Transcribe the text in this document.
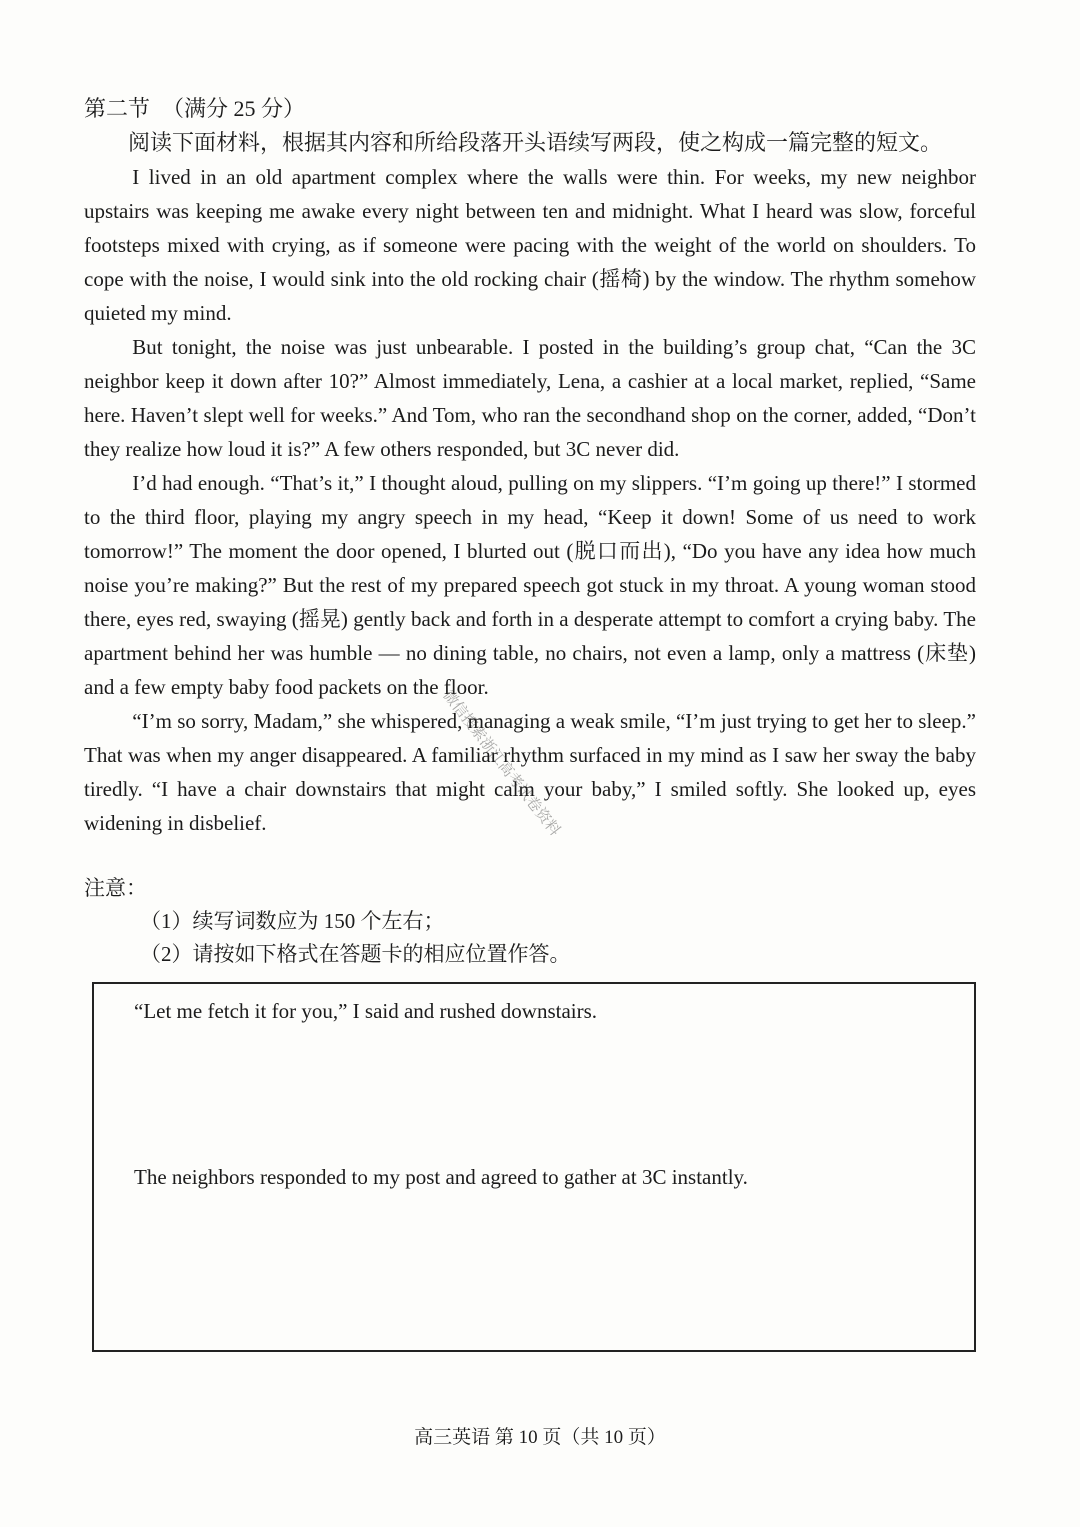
第二节 （满分 25 分）

阅读下面材料，根据其内容和所给段落开头语续写两段，使之构成一篇完整的短文。

I lived in an old apartment complex where the walls were thin. For weeks, my new neighbor upstairs was keeping me awake every night between ten and midnight. What I heard was slow, forceful footsteps mixed with crying, as if someone were pacing with the weight of the world on shoulders. To cope with the noise, I would sink into the old rocking chair (摇椅) by the window. The rhythm somehow quieted my mind.

But tonight, the noise was just unbearable. I posted in the building’s group chat, “Can the 3C neighbor keep it down after 10?” Almost immediately, Lena, a cashier at a local market, replied, “Same here. Haven’t slept well for weeks.” And Tom, who ran the secondhand shop on the corner, added, “Don’t they realize how loud it is?” A few others responded, but 3C never did.

I’d had enough. “That’s it,” I thought aloud, pulling on my slippers. “I’m going up there!” I stormed to the third floor, playing my angry speech in my head, “Keep it down! Some of us need to work tomorrow!” The moment the door opened, I blurted out (脱口而出), “Do you have any idea how much noise you’re making?” But the rest of my prepared speech got stuck in my throat. A young woman stood there, eyes red, swaying (摇晃) gently back and forth in a desperate attempt to comfort a crying baby. The apartment behind her was humble — no dining table, no chairs, not even a lamp, only a mattress (床垫) and a few empty baby food packets on the floor.

“I’m so sorry, Madam,” she whispered, managing a weak smile, “I’m just trying to get her to sleep.” That was when my anger disappeared. A familiar rhythm surfaced in my mind as I saw her sway the baby tiredly. “I have a chair downstairs that might calm your baby,” I smiled softly. She looked up, eyes widening in disbelief.

注意：
（1）续写词数应为 150 个左右；
（2）请按如下格式在答题卡的相应位置作答。
“Let me fetch it for you,” I said and rushed downstairs.
The neighbors responded to my post and agreed to gather at 3C instantly.
高三英语 第 10 页（共 10 页）
微信搜索浙江高考试卷资料
